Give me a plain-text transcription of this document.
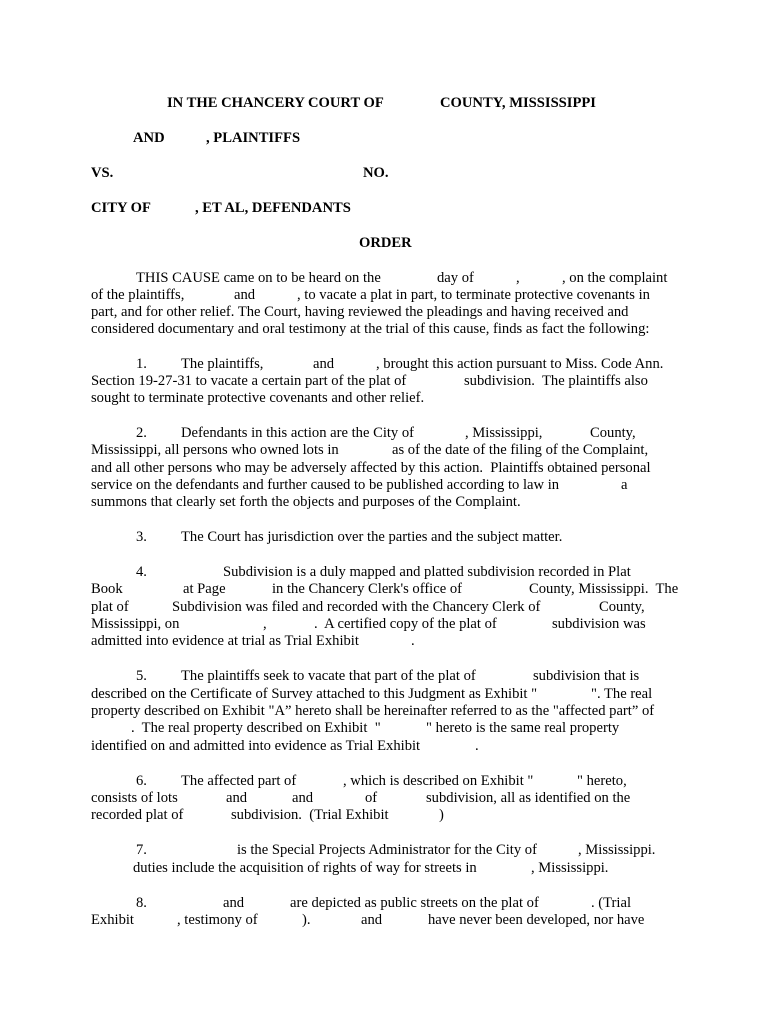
IN THE CHANCERY COURT OF	COUNTY, MISSISSIPPI
AND	, PLAINTIFFS
VS.	NO.
CITY OF	, ET AL, DEFENDANTS
ORDER
THIS CAUSE came on to be heard on the	day of	,	, on the complaint
of the plaintiffs,	and	, to vacate a plat in part, to terminate protective covenants in
part, and for other relief. The Court, having reviewed the pleadings and having received and
considered documentary and oral testimony at the trial of this cause, finds as fact the following:
1. The plaintiffs,	and	, brought this action pursuant to Miss. Code Ann.
Section 19-27-31 to vacate a certain part of the plat of	subdivision.  The plaintiffs also
sought to terminate protective covenants and other relief.
2. Defendants in this action are the City of	, Mississippi,	County,
Mississippi, all persons who owned lots in	as of the date of the filing of the Complaint,
and all other persons who may be adversely affected by this action.  Plaintiffs obtained personal
service on the defendants and further caused to be published according to law in	a
summons that clearly set forth the objects and purposes of the Complaint.
3. The Court has jurisdiction over the parties and the subject matter.
4.	Subdivision is a duly mapped and platted subdivision recorded in Plat
Book	at Page	in the Chancery Clerk's office of	County, Mississippi.  The
plat of	Subdivision was filed and recorded with the Chancery Clerk of	County,
Mississippi, on	,	.  A certified copy of the plat of	subdivision was
admitted into evidence at trial as Trial Exhibit	.
5. The plaintiffs seek to vacate that part of the plat of	subdivision that is
described on the Certificate of Survey attached to this Judgment as Exhibit "	". The real
property described on Exhibit "A” hereto shall be hereinafter referred to as the "affected part” of
.  The real property described on Exhibit  "	" hereto is the same real property
identified on and admitted into evidence as Trial Exhibit	.
6. The affected part of	, which is described on Exhibit "	" hereto,
consists of lots	and	and	of	subdivision, all as identified on the
recorded plat of	subdivision.  (Trial Exhibit	)
7.	is the Special Projects Administrator for the City of	, Mississippi.
duties include the acquisition of rights of way for streets in	, Mississippi.
8.	and	are depicted as public streets on the plat of	. (Trial
Exhibit	, testimony of	).	and	have never been developed, nor have
